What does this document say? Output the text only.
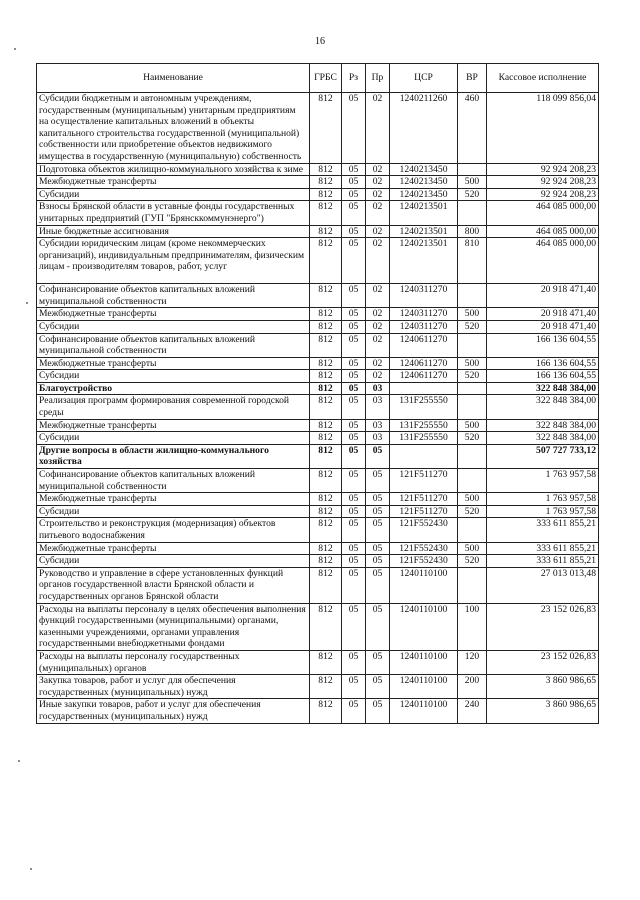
16
Наименование	ГРБС	Рз	Пр	ЦСР	ВР	Кассовое исполнение
Субсидии бюджетным и автономным учреждениям, государственным (муниципальным) унитарным предприятиям на осуществление капитальных вложений в объекты капитального строительства государственной (муниципальной) собственности или приобретение объектов недвижимого имущества в государственную (муниципальную) собственность	812	05	02	1240211260	460	118 099 856,04
Подготовка объектов жилищно-коммунального хозяйства к зиме	812	05	02	1240213450		92 924 208,23
Межбюджетные трансферты	812	05	02	1240213450	500	92 924 208,23
Субсидии	812	05	02	1240213450	520	92 924 208,23
Взносы Брянской области в уставные фонды государственных унитарных предприятий (ГУП "Брянсккоммунэнерго")	812	05	02	1240213501		464 085 000,00
Иные бюджетные ассигнования	812	05	02	1240213501	800	464 085 000,00
Субсидии юридическим лицам (кроме некоммерческих организаций), индивидуальным предпринимателям, физическим лицам - производителям товаров, работ, услуг	812	05	02	1240213501	810	464 085 000,00
Софинансирование объектов капитальных вложений муниципальной собственности	812	05	02	1240311270		20 918 471,40
Межбюджетные трансферты	812	05	02	1240311270	500	20 918 471,40
Субсидии	812	05	02	1240311270	520	20 918 471,40
Софинансирование объектов капитальных вложений муниципальной собственности	812	05	02	1240611270		166 136 604,55
Межбюджетные трансферты	812	05	02	1240611270	500	166 136 604,55
Субсидии	812	05	02	1240611270	520	166 136 604,55
Благоустройство	812	05	03			322 848 384,00
Реализация программ формирования современной городской среды	812	05	03	131F255550		322 848 384,00
Межбюджетные трансферты	812	05	03	131F255550	500	322 848 384,00
Субсидии	812	05	03	131F255550	520	322 848 384,00
Другие вопросы в области жилищно-коммунального хозяйства	812	05	05			507 727 733,12
Софинансирование объектов капитальных вложений муниципальной собственности	812	05	05	121F511270		1 763 957,58
Межбюджетные трансферты	812	05	05	121F511270	500	1 763 957,58
Субсидии	812	05	05	121F511270	520	1 763 957,58
Строительство и реконструкция (модернизация) объектов питьевого водоснабжения	812	05	05	121F552430		333 611 855,21
Межбюджетные трансферты	812	05	05	121F552430	500	333 611 855,21
Субсидии	812	05	05	121F552430	520	333 611 855,21
Руководство и управление в сфере установленных функций органов государственной власти Брянской области и государственных органов Брянской области	812	05	05	1240110100		27 013 013,48
Расходы на выплаты персоналу в целях обеспечения выполнения функций государственными (муниципальными) органами, казенными учреждениями, органами управления государственными внебюджетными фондами	812	05	05	1240110100	100	23 152 026,83
Расходы на выплаты персоналу государственных (муниципальных) органов	812	05	05	1240110100	120	23 152 026,83
Закупка товаров, работ и услуг для обеспечения государственных (муниципальных) нужд	812	05	05	1240110100	200	3 860 986,65
Иные закупки товаров, работ и услуг для обеспечения государственных (муниципальных) нужд	812	05	05	1240110100	240	3 860 986,65
